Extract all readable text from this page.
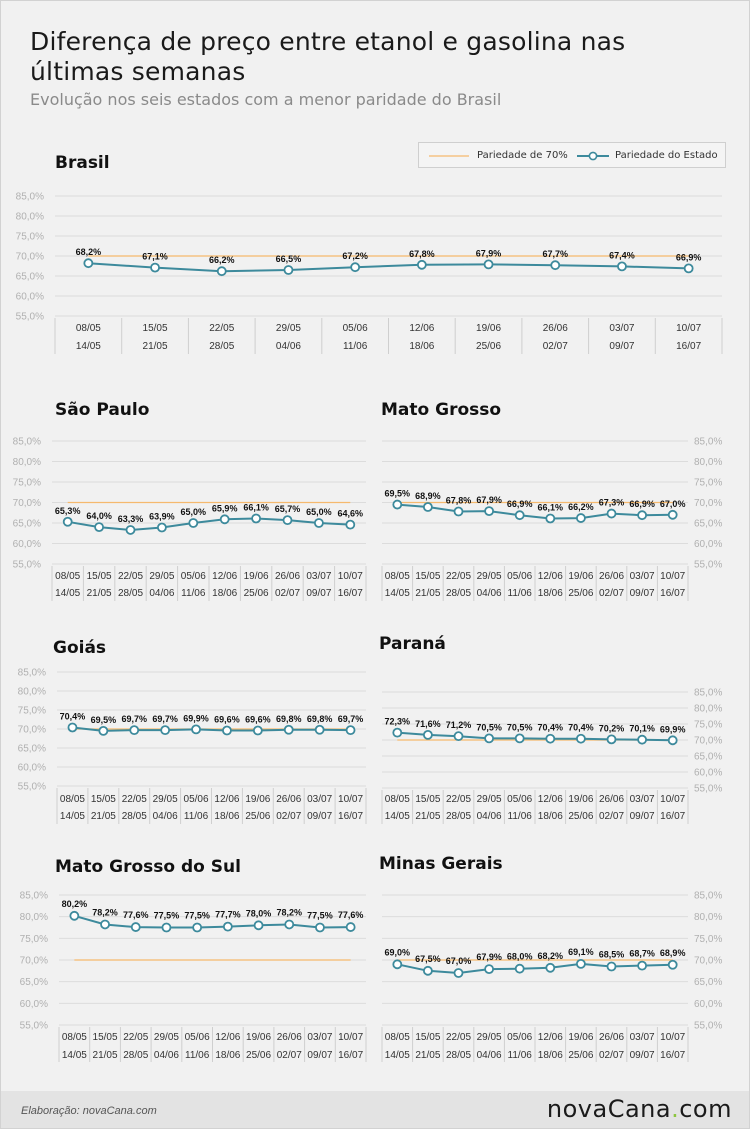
Diferença de preço entre etanol e gasolina nas últimas semanas

Evolução nos seis estados com a menor paridade do Brasil

Brasil
São Paulo	Mato Grosso
Goiás	Paraná
Mato Grosso do Sul	Minas Gerais
Pariedade de 70%	Pariedade do Estado
55,0%
60,0%
65,0%
70,0%
75,0%
80,0%
85,0%
08/05
14/05
15/05
21/05
22/05
28/05
29/05
04/06
05/06
11/06
12/06
18/06
19/06
25/06
26/06
02/07
03/07
09/07
10/07
16/07
68,2%	67,1%	66,2%	66,5%	67,2%	67,8%	67,9%	67,7%	67,4%	66,9%
55,0%
60,0%
65,0%
70,0%
75,0%
80,0%
85,0%
08/05
14/05
15/05
21/05
22/05
28/05
29/05
04/06
05/06
11/06
12/06
18/06
19/06
25/06
26/06
02/07
03/07
09/07
10/07
16/07
65,3%
64,0% 63,3% 63,9% 65,0% 65,9% 66,1% 65,7% 65,0% 64,6%
55,0%
60,0%
65,0%
70,0%
75,0%
80,0%
85,0%
08/05
14/05
15/05
21/05
22/05
28/05
29/05
04/06
05/06
11/06
12/06
18/06
19/06
25/06
26/06
02/07
03/07
09/07
10/07
16/07
69,5% 68,9% 67,8% 67,9% 66,9% 66,1% 66,2% 67,3% 66,9% 67,0%
55,0%
60,0%
65,0%
70,0%
75,0%
80,0%
85,0%
08/05
14/05
15/05
21/05
22/05
28/05
29/05
04/06
05/06
11/06
12/06
18/06
19/06
25/06
26/06
02/07
03/07
09/07
10/07
16/07
70,4% 69,5% 69,7% 69,7% 69,9% 69,6% 69,6% 69,8% 69,8% 69,7%
55,0%
60,0%
65,0%
70,0%
75,0%
80,0%
85,0%
08/05
14/05
15/05
21/05
22/05
28/05
29/05
04/06
05/06
11/06
12/06
18/06
19/06
25/06
26/06
02/07
03/07
09/07
10/07
16/07
72,3% 71,6% 71,2% 70,5% 70,5% 70,4% 70,4% 70,2% 70,1% 69,9%
55,0%
60,0%
65,0%
70,0%
75,0%
80,0%
85,0%
08/05
14/05
15/05
21/05
22/05
28/05
29/05
04/06
05/06
11/06
12/06
18/06
19/06
25/06
26/06
02/07
03/07
09/07
10/07
16/07
80,2%
78,2% 77,6% 77,5% 77,5% 77,7% 78,0% 78,2% 77,5% 77,6%
55,0%
60,0%
65,0%
70,0%
75,0%
80,0%
85,0%
08/05
14/05
15/05
21/05
22/05
28/05
29/05
04/06
05/06
11/06
12/06
18/06
19/06
25/06
26/06
02/07
03/07
09/07
10/07
16/07
69,0%
67,5% 67,0% 67,9% 68,0% 68,2% 69,1% 68,5% 68,7% 68,9%
Elaboração: novaCana.com	novaCana.com
